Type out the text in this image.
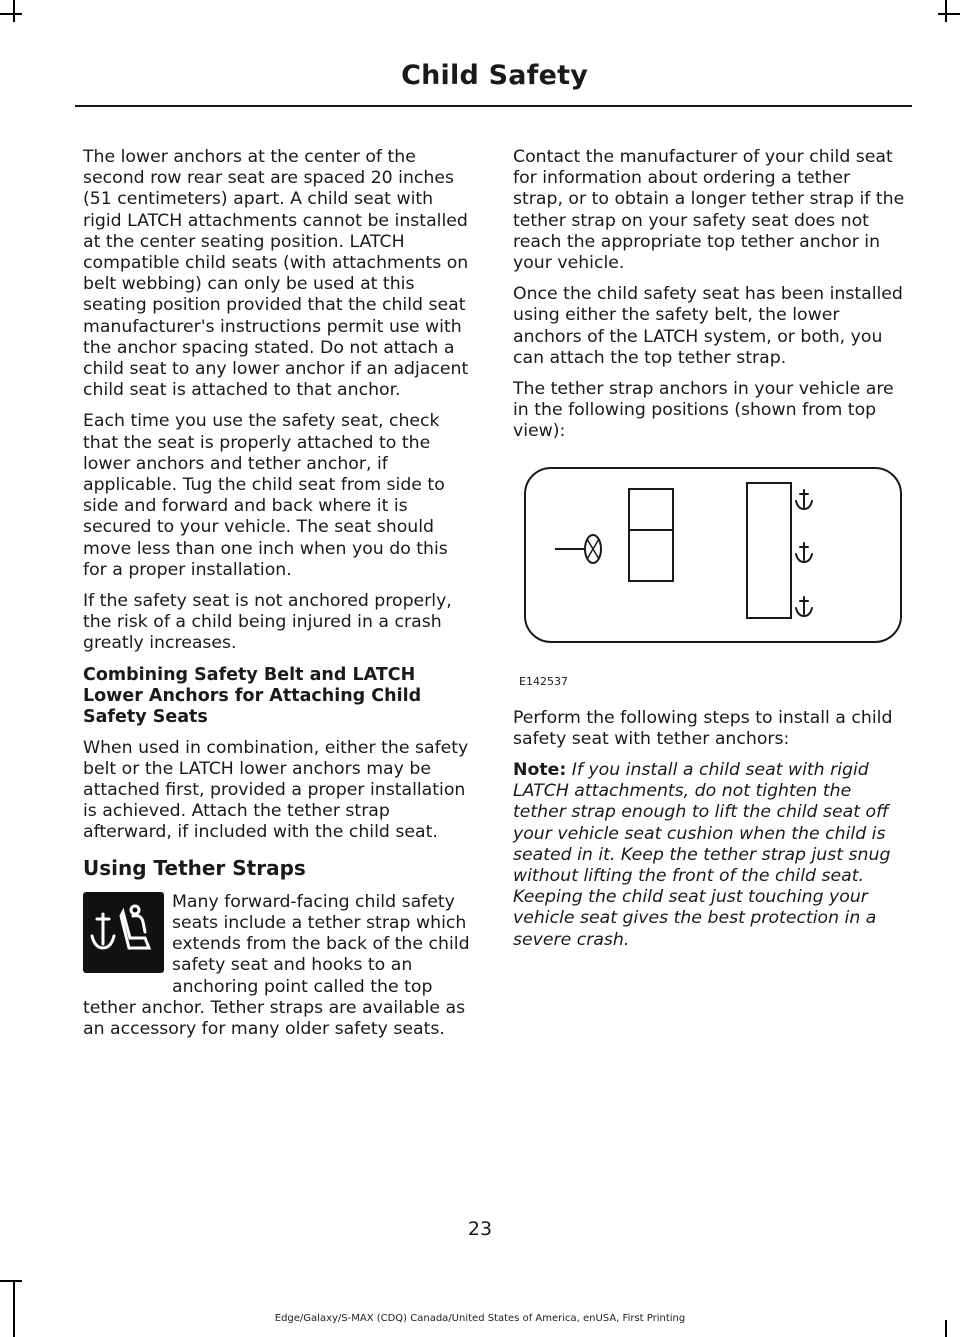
Child Safety

The lower anchors at the center of the second row rear seat are spaced 20 inches (51 centimeters) apart. A child seat with rigid LATCH attachments cannot be installed at the center seating position. LATCH compatible child seats (with attachments on belt webbing) can only be used at this seating position provided that the child seat manufacturer's instructions permit use with the anchor spacing stated. Do not attach a child seat to any lower anchor if an adjacent child seat is attached to that anchor.

Each time you use the safety seat, check that the seat is properly attached to the lower anchors and tether anchor, if applicable. Tug the child seat from side to side and forward and back where it is secured to your vehicle. The seat should move less than one inch when you do this for a proper installation.

If the safety seat is not anchored properly, the risk of a child being injured in a crash greatly increases.

Combining Safety Belt and LATCH Lower Anchors for Attaching Child Safety Seats

When used in combination, either the safety belt or the LATCH lower anchors may be attached first, provided a proper installation is achieved. Attach the tether strap afterward, if included with the child seat.

Using Tether Straps

Many forward-facing child safety seats include a tether strap which extends from the back of the child safety seat and hooks to an anchoring point called the top tether anchor. Tether straps are available as an accessory for many older safety seats.

Contact the manufacturer of your child seat for information about ordering a tether strap, or to obtain a longer tether strap if the tether strap on your safety seat does not reach the appropriate top tether anchor in your vehicle.

Once the child safety seat has been installed using either the safety belt, the lower anchors of the LATCH system, or both, you can attach the top tether strap.

The tether strap anchors in your vehicle are in the following positions (shown from top view):

E142537

Perform the following steps to install a child safety seat with tether anchors:

Note: If you install a child seat with rigid LATCH attachments, do not tighten the tether strap enough to lift the child seat off your vehicle seat cushion when the child is seated in it. Keep the tether strap just snug without lifting the front of the child seat. Keeping the child seat just touching your vehicle seat gives the best protection in a severe crash.

23
Edge/Galaxy/S-MAX (CDQ) Canada/United States of America, enUSA, First Printing
